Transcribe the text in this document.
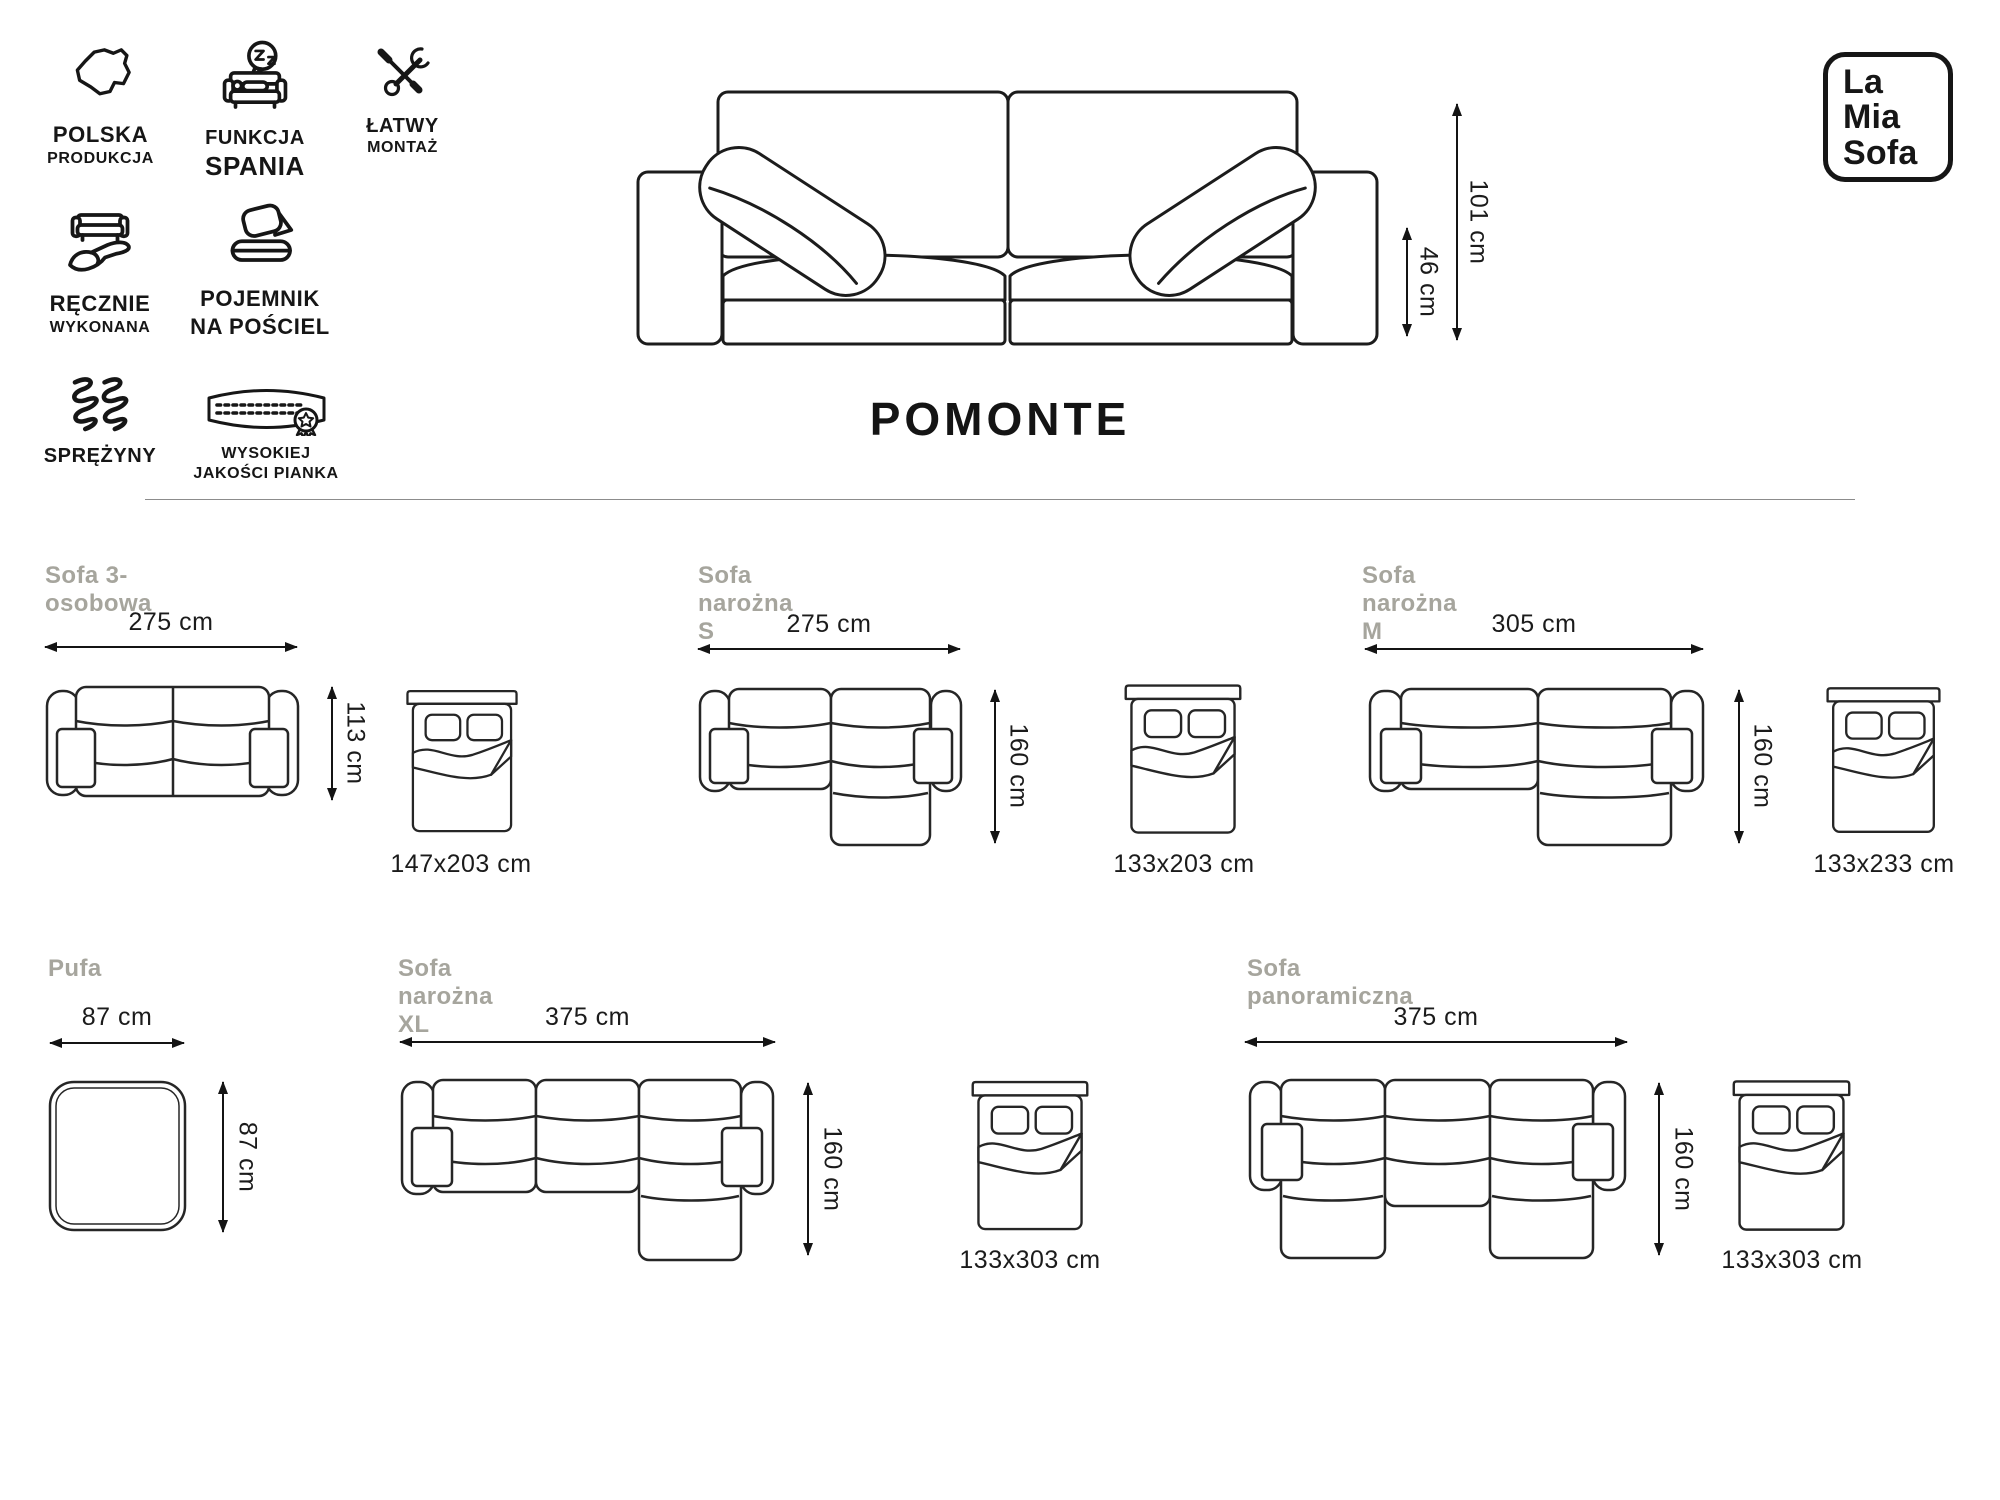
POLSKA
PRODUKCJA
FUNKCJA
SPANIA
ŁATWY
MONTAŻ
RĘCZNIE
WYKONANA
POJEMNIK
NA POŚCIEL
SPRĘŻYNY	WYSOKIEJ
JAKOŚCI PIANKA
46 cm
101 cm
La
Mia
Sofa
POMONTE
Sofa 3-osobowa
275 cm
113 cm
147x203 cm
Sofa narożna S	275 cm
160 cm
133x203 cm
Sofa narożna M	305 cm
160 cm
133x233 cm
Pufa
87 cm
87 cm
Sofa narożna XL	375 cm
160 cm
133x303 cm
Sofa panoramiczna
375 cm
160 cm
133x303 cm
